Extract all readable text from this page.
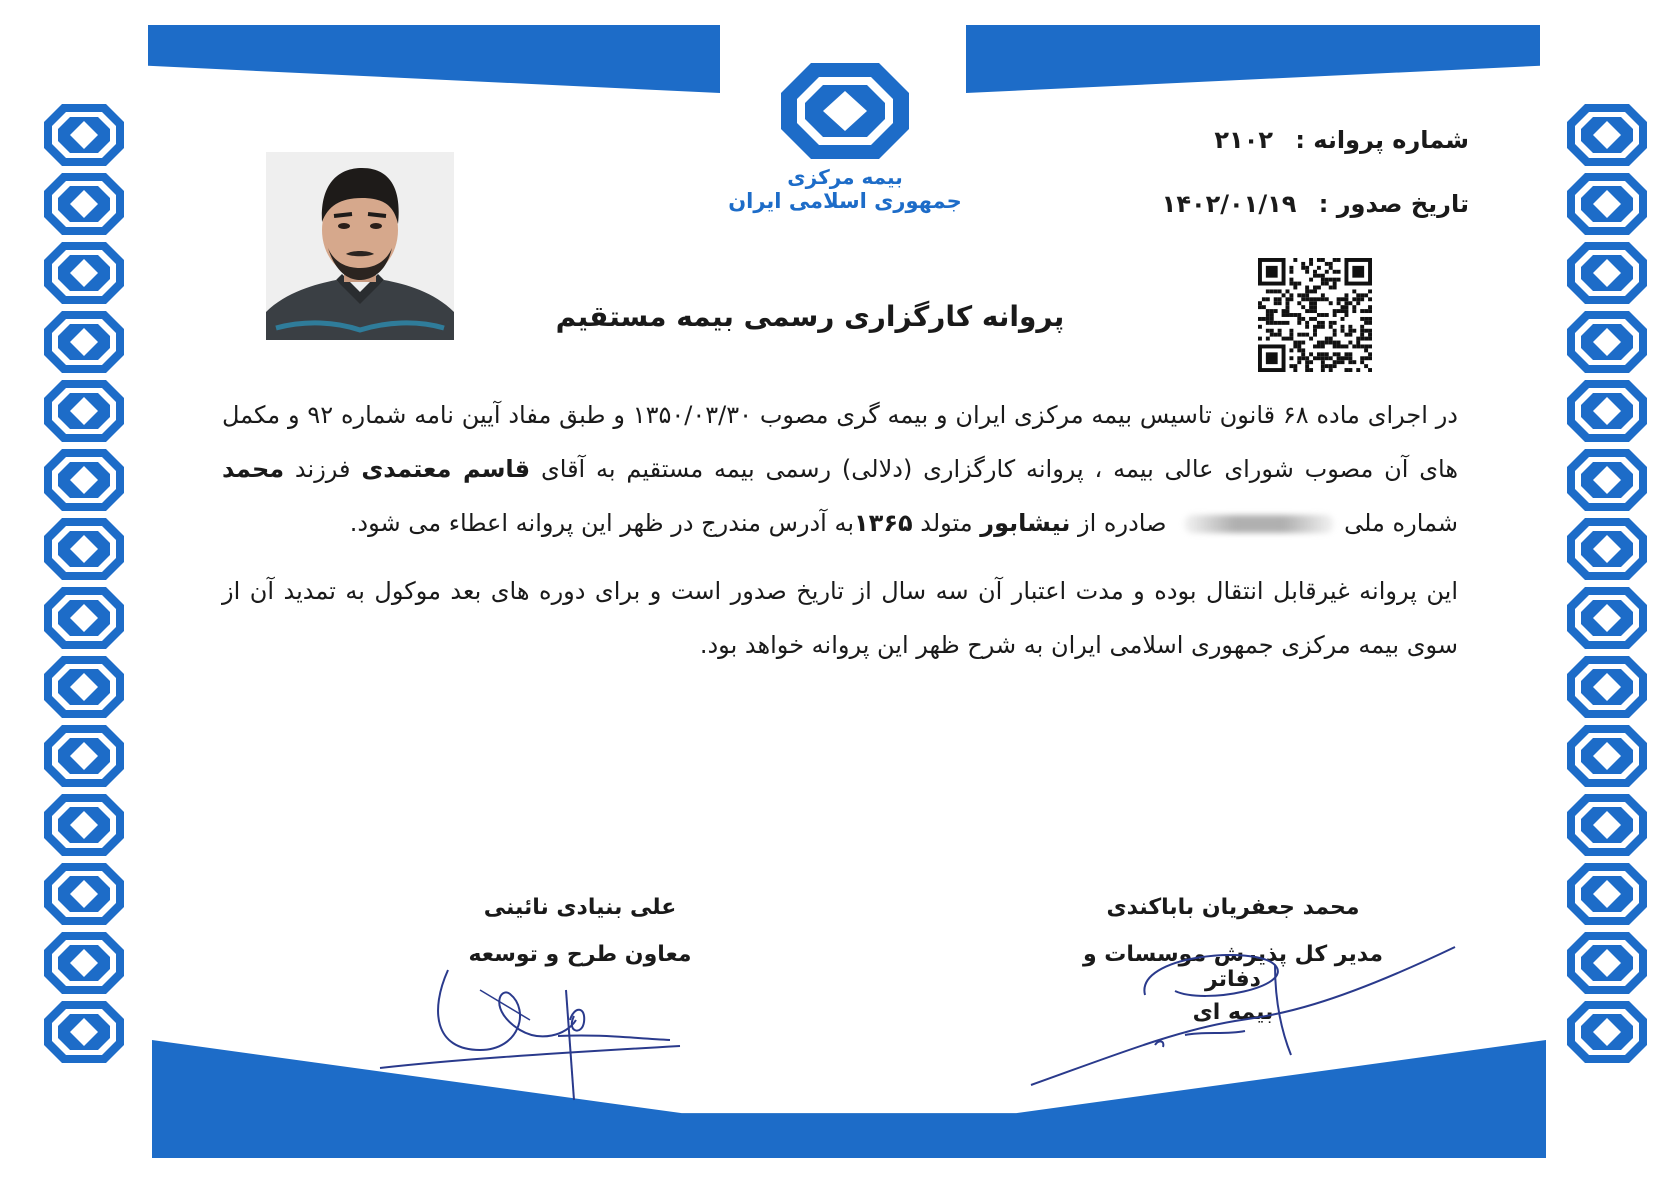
بیمه مرکزی
جمهوری اسلامی ایران
شماره پروانه : ۲۱۰۲
تاریخ صدور : ۱۴۰۲/۰۱/۱۹
پروانه کارگزاری رسمی بیمه مستقیم

در اجرای ماده ۶۸ قانون تاسیس بیمه مرکزی ایران و بیمه گری مصوب ۱۳۵۰/۰۳/۳۰ و طبق مفاد آیین نامه شماره ۹۲ و مکمل های آن مصوب شورای عالی بیمه ، پروانه کارگزاری (دلالی) رسمی بیمه مستقیم به آقای قاسم معتمدی فرزند محمد شماره ملی صادره از نیشابور متولد ۱۳۶۵به آدرس مندرج در ظهر این پروانه اعطاء می شود.

این پروانه غیرقابل انتقال بوده و مدت اعتبار آن سه سال از تاریخ صدور است و برای دوره های بعد موکول به تمدید آن از سوی بیمه مرکزی جمهوری اسلامی ایران به شرح ظهر این پروانه خواهد بود.

علی بنیادی نائینی
معاون طرح و توسعه
محمد جعفریان باباکندی
مدیر کل پذیرش موسسات و دفاتر
بیمه ای
